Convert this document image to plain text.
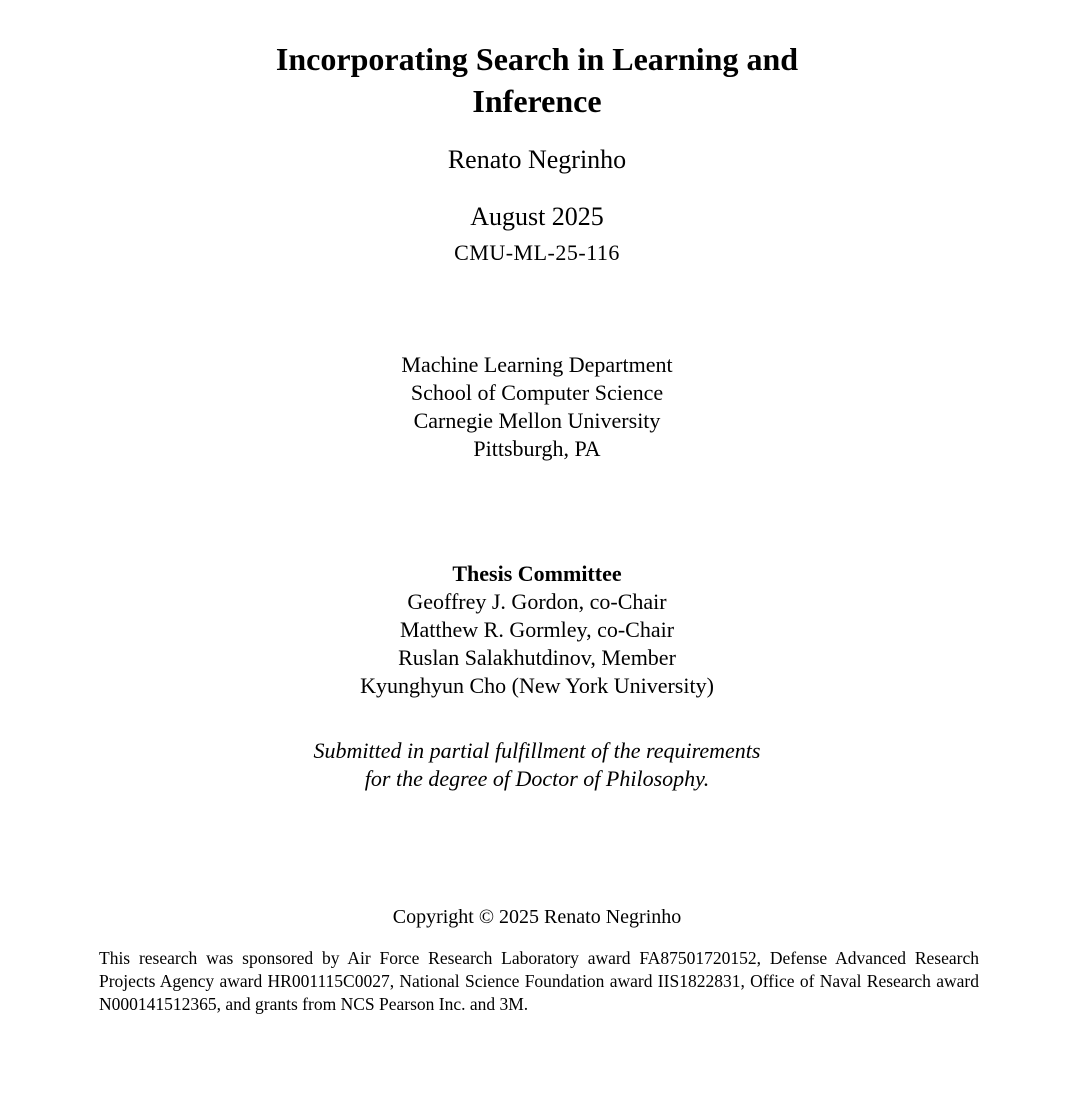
Incorporating Search in Learning and
Inference
Renato Negrinho
August 2025
CMU-ML-25-116
Machine Learning Department
School of Computer Science
Carnegie Mellon University
Pittsburgh, PA
Thesis Committee
Geoffrey J. Gordon, co-Chair
Matthew R. Gormley, co-Chair
Ruslan Salakhutdinov, Member
Kyunghyun Cho (New York University)
Submitted in partial fulfillment of the requirements
for the degree of Doctor of Philosophy.
Copyright © 2025 Renato Negrinho
This research was sponsored by Air Force Research Laboratory award FA87501720152, Defense Advanced Research Projects Agency award HR001115C0027, National Science Foundation award IIS1822831, Office of Naval Research award N000141512365, and grants from NCS Pearson Inc. and 3M.
